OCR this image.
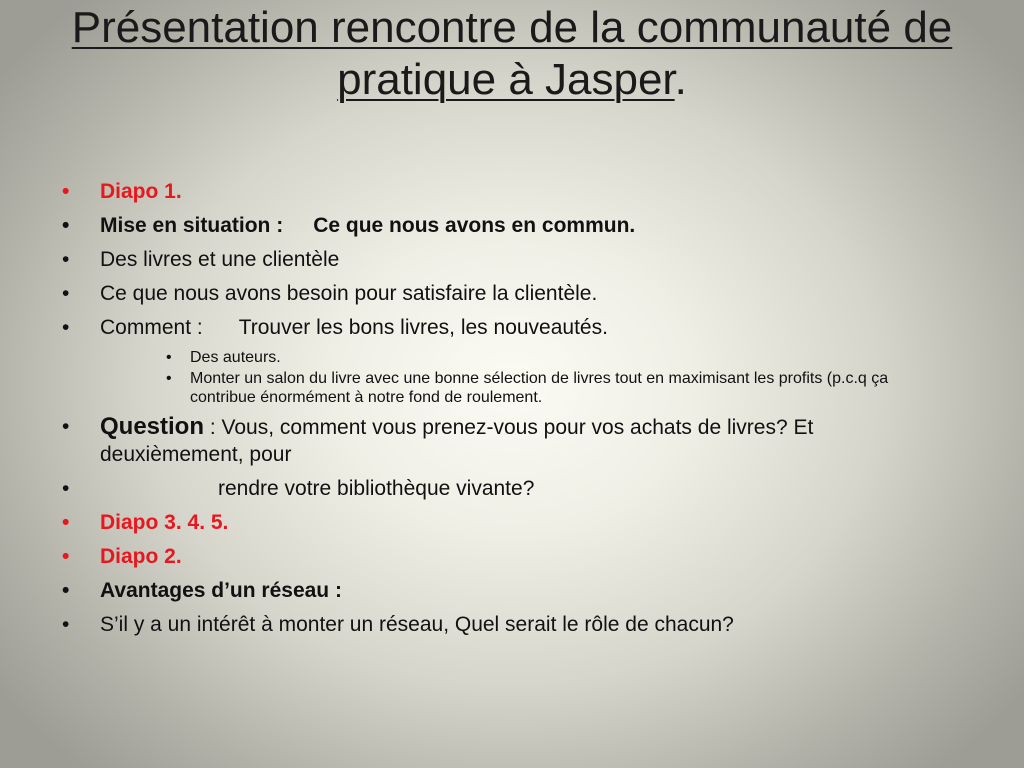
Présentation rencontre de la communauté de pratique à Jasper.
• Diapo 1.
• Mise en situation : Ce que nous avons en commun.
• Des livres et une clientèle
• Ce que nous avons besoin pour satisfaire la clientèle.
• Comment : Trouver les bons livres, les nouveautés.
• Des auteurs.
• Monter un salon du livre avec une bonne sélection de livres tout en maximisant les profits (p.c.q ça contribue énormément à notre fond de roulement.
• Question : Vous, comment vous prenez-vous pour vos achats de livres? Et deuxièmement, pour
•	rendre votre bibliothèque vivante?
• Diapo 3. 4. 5.
• Diapo 2.
• Avantages d’un réseau :
• S’il y a un intérêt à monter un réseau, Quel serait le rôle de chacun?
